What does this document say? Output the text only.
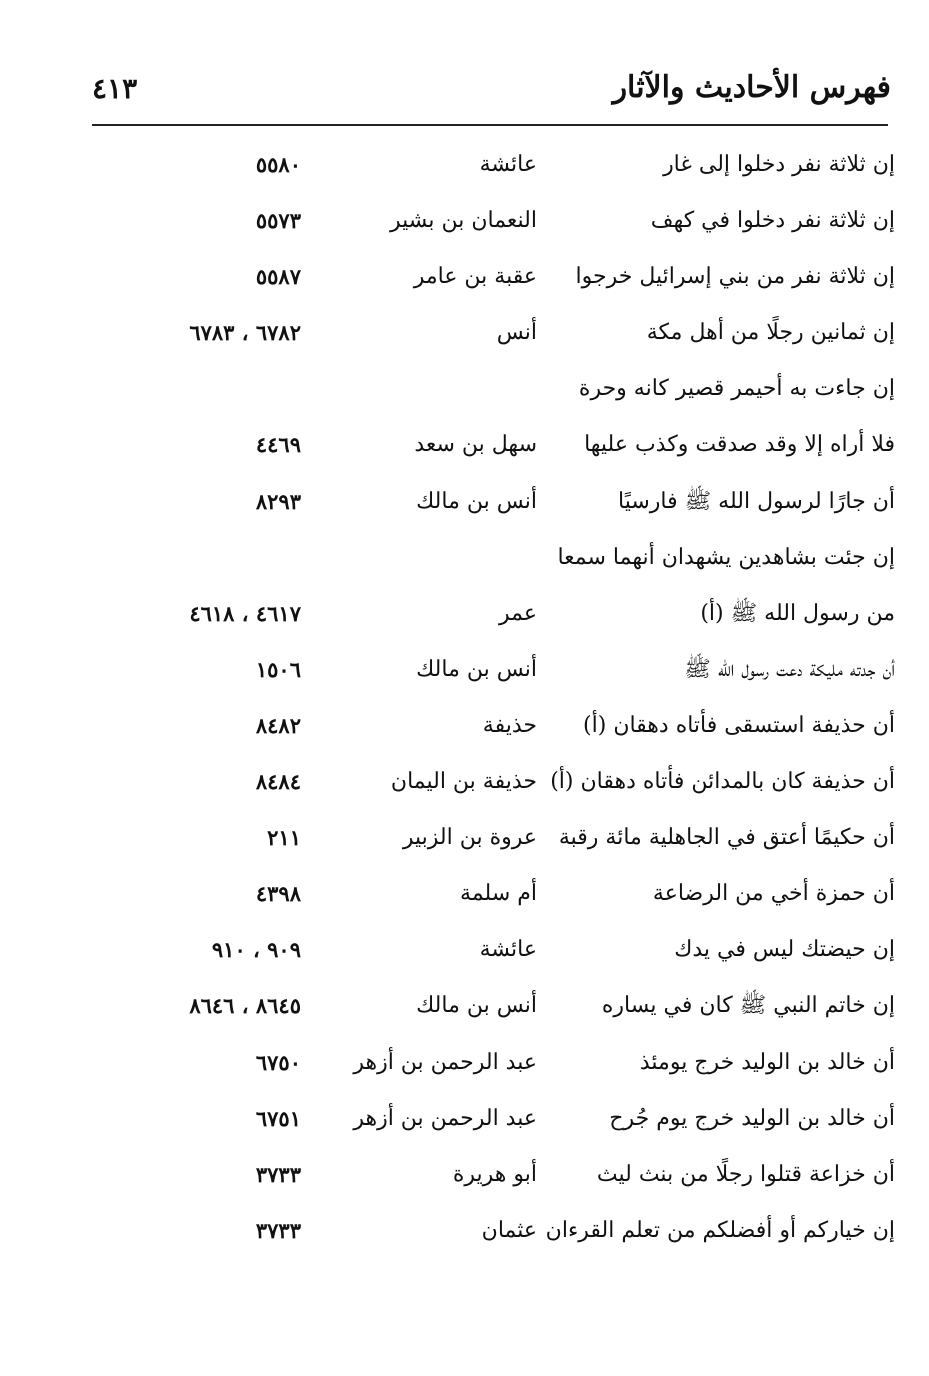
فهرس الأحاديث والآثار
٤١٣
إن ثلاثة نفر دخلوا إلى غار
عائشة
٥٥٨٠
إن ثلاثة نفر دخلوا في كهف
النعمان بن بشير
٥٥٧٣
إن ثلاثة نفر من بني إسرائيل خرجوا
عقبة بن عامر
٥٥٨٧
إن ثمانين رجلًا من أهل مكة
أنس
٦٧٨٢ ، ٦٧٨٣
إن جاءت به أحيمر قصير كانه وحرة
فلا أراه إلا وقد صدقت وكذب عليها
سهل بن سعد
٤٤٦٩
أن جارًا لرسول الله ﷺ فارسيًا
أنس بن مالك
٨٢٩٣
إن جئت بشاهدين يشهدان أنهما سمعا
من رسول الله ﷺ (أ)
عمر
٤٦١٧ ، ٤٦١٨
أن جدته مليكة دعت رسول الله ﷺ
أنس بن مالك
١٥٠٦
أن حذيفة استسقى فأتاه دهقان (أ)
حذيفة
٨٤٨٢
أن حذيفة كان بالمدائن فأتاه دهقان (أ)
حذيفة بن اليمان
٨٤٨٤
أن حكيمًا أعتق في الجاهلية مائة رقبة
عروة بن الزبير
٢١١
أن حمزة أخي من الرضاعة
أم سلمة
٤٣٩٨
إن حيضتك ليس في يدك
عائشة
٩٠٩ ، ٩١٠
إن خاتم النبي ﷺ كان في يساره
أنس بن مالك
٨٦٤٥ ، ٨٦٤٦
أن خالد بن الوليد خرج يومئذ
عبد الرحمن بن أزهر
٦٧٥٠
أن خالد بن الوليد خرج يوم جُرح
عبد الرحمن بن أزهر
٦٧٥١
أن خزاعة قتلوا رجلًا من بنث ليث
أبو هريرة
٣٧٣٣
إن خياركم أو أفضلكم من تعلم القرءان
عثمان
٣٧٣٣
